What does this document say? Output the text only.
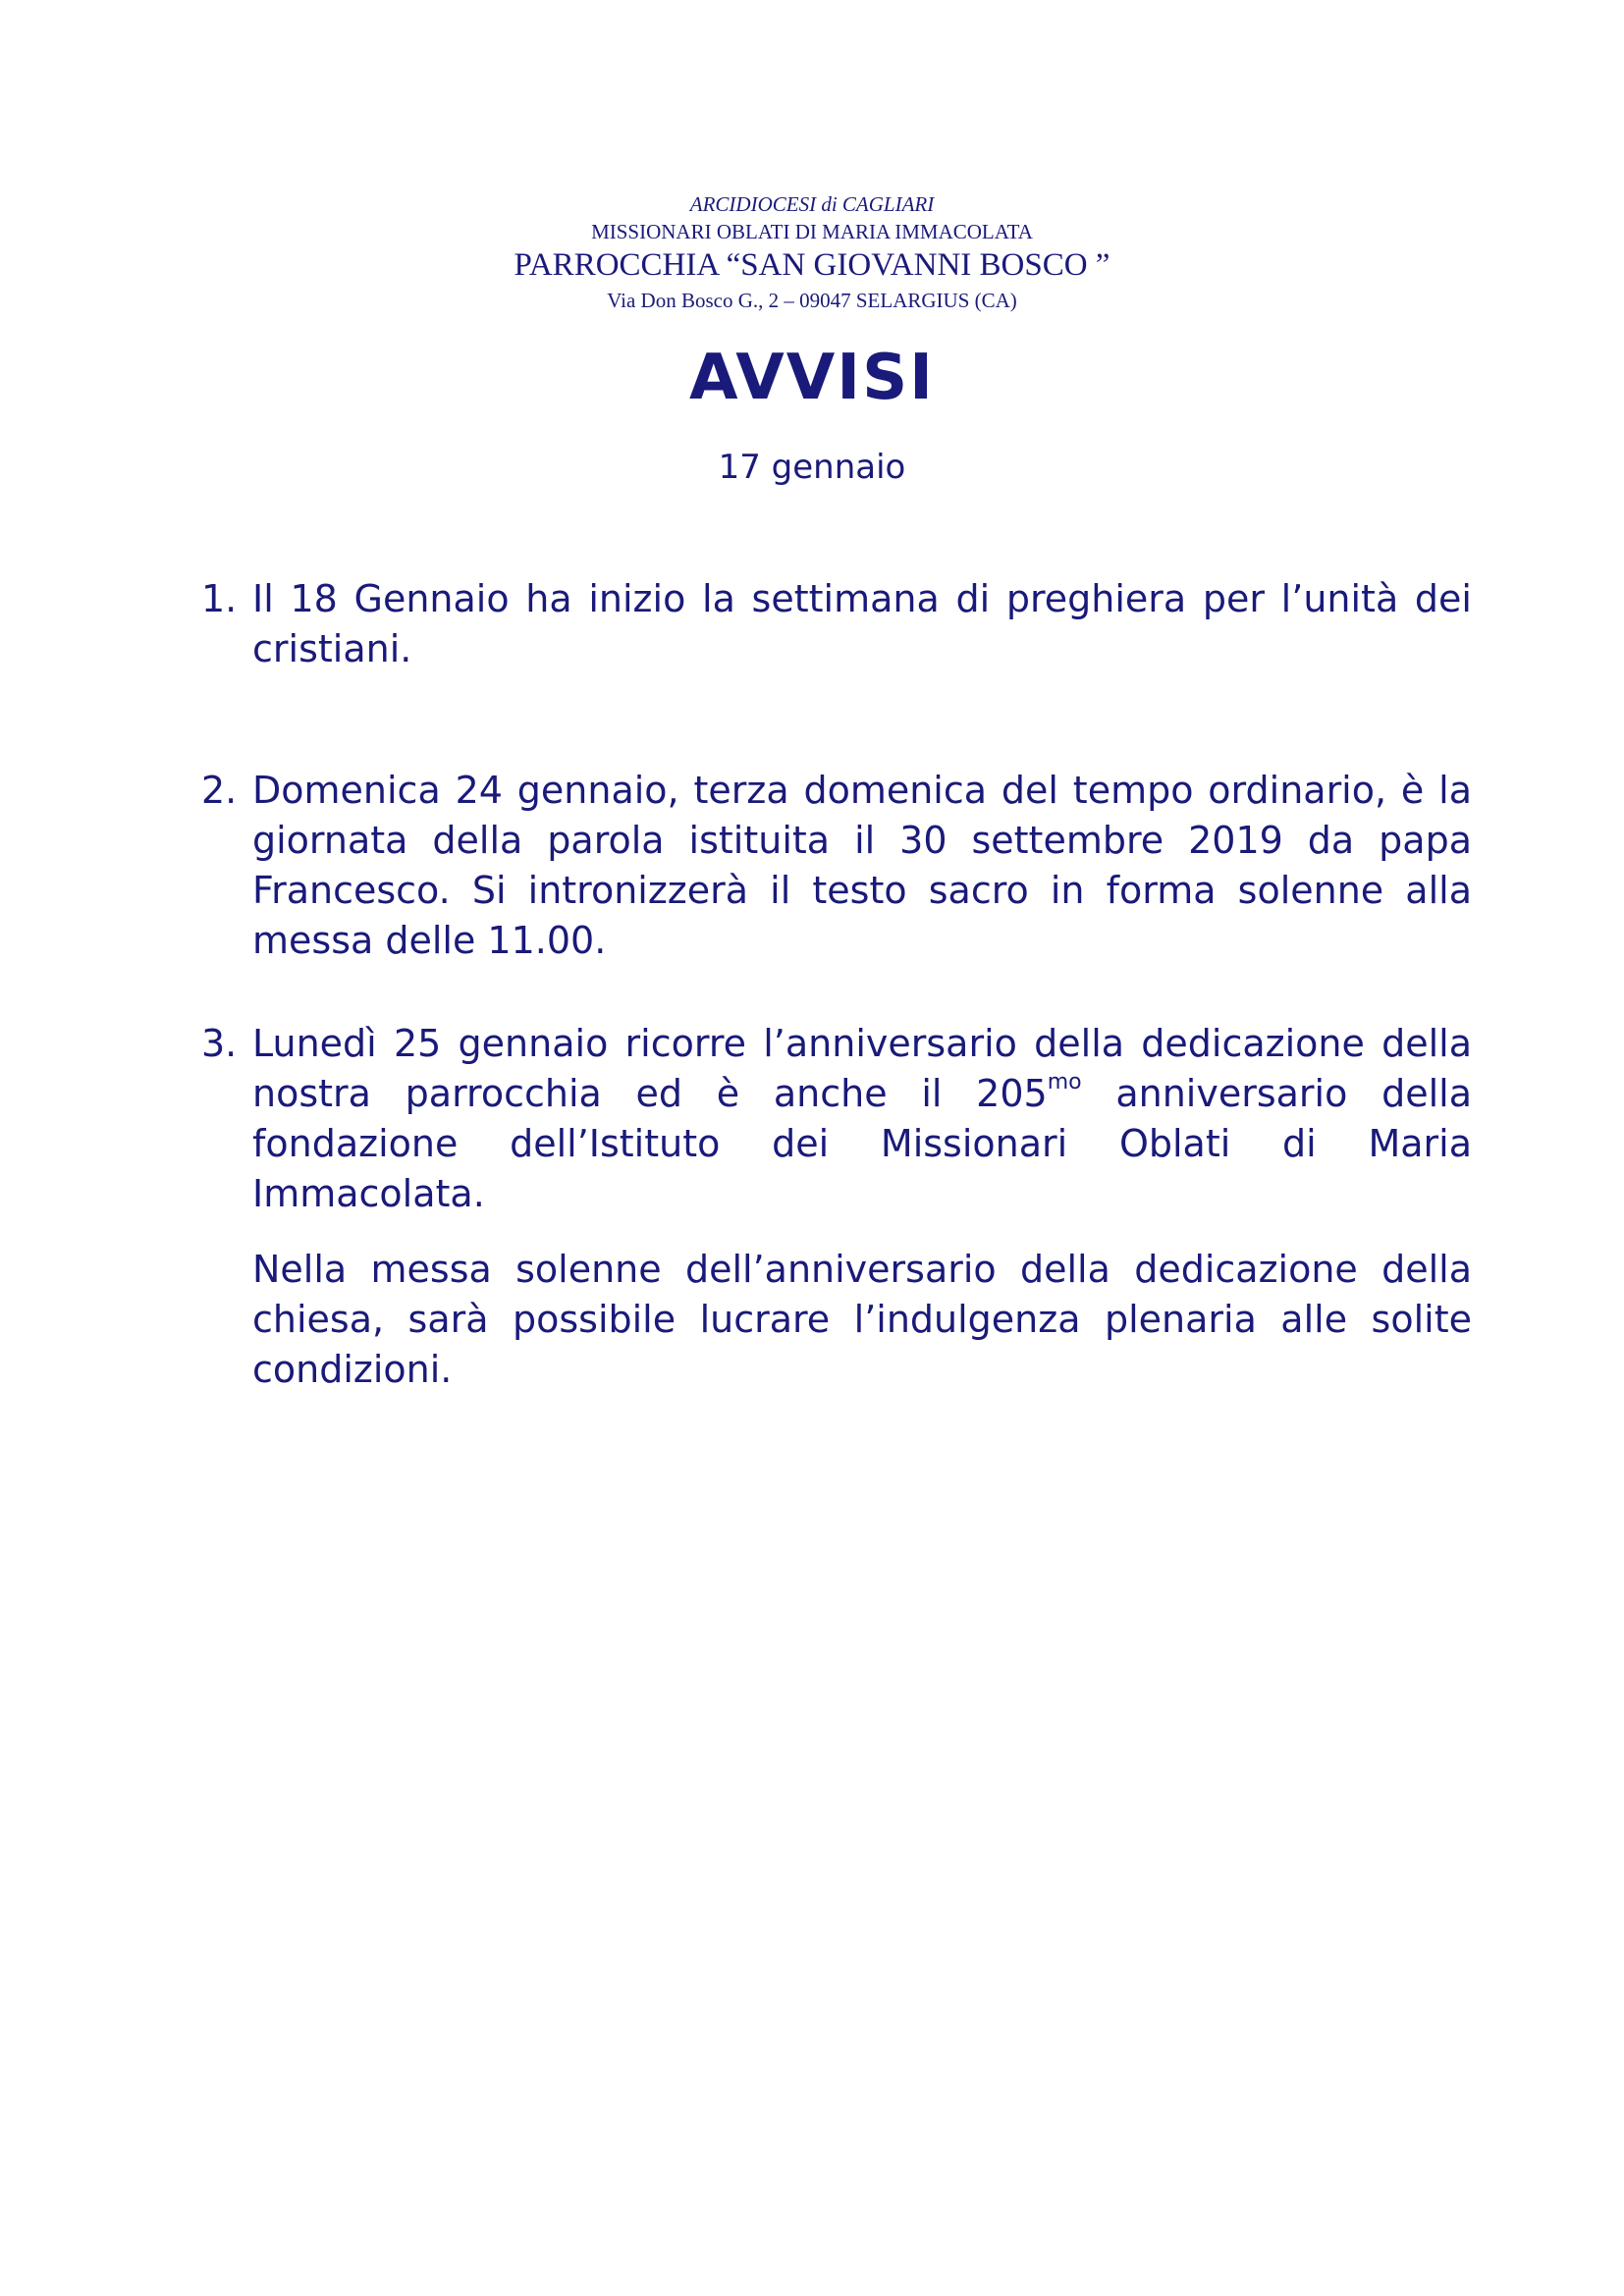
ARCIDIOCESI di CAGLIARI
MISSIONARI OBLATI DI MARIA IMMACOLATA
PARROCCHIA “SAN GIOVANNI BOSCO ”
Via Don Bosco G., 2 – 09047 SELARGIUS (CA)
AVVISI
17 gennaio
1. Il 18 Gennaio ha inizio la settimana di preghiera per l’unità dei cristiani.

2. Domenica 24 gennaio, terza domenica del tempo ordinario, è la giornata della parola istituita il 30 settembre 2019 da papa Francesco. Si intronizzerà il testo sacro in forma solenne alla messa delle 11.00.

3. Lunedì 25 gennaio ricorre l’anniversario della dedicazione della nostra parrocchia ed è anche il $205^{mo}$ anniversario della fondazione dell’Istituto dei Missionari Oblati di Maria Immacolata.

Nella messa solenne dell’anniversario della dedicazione della chiesa, sarà possibile lucrare l’indulgenza plenaria alle solite condizioni.
